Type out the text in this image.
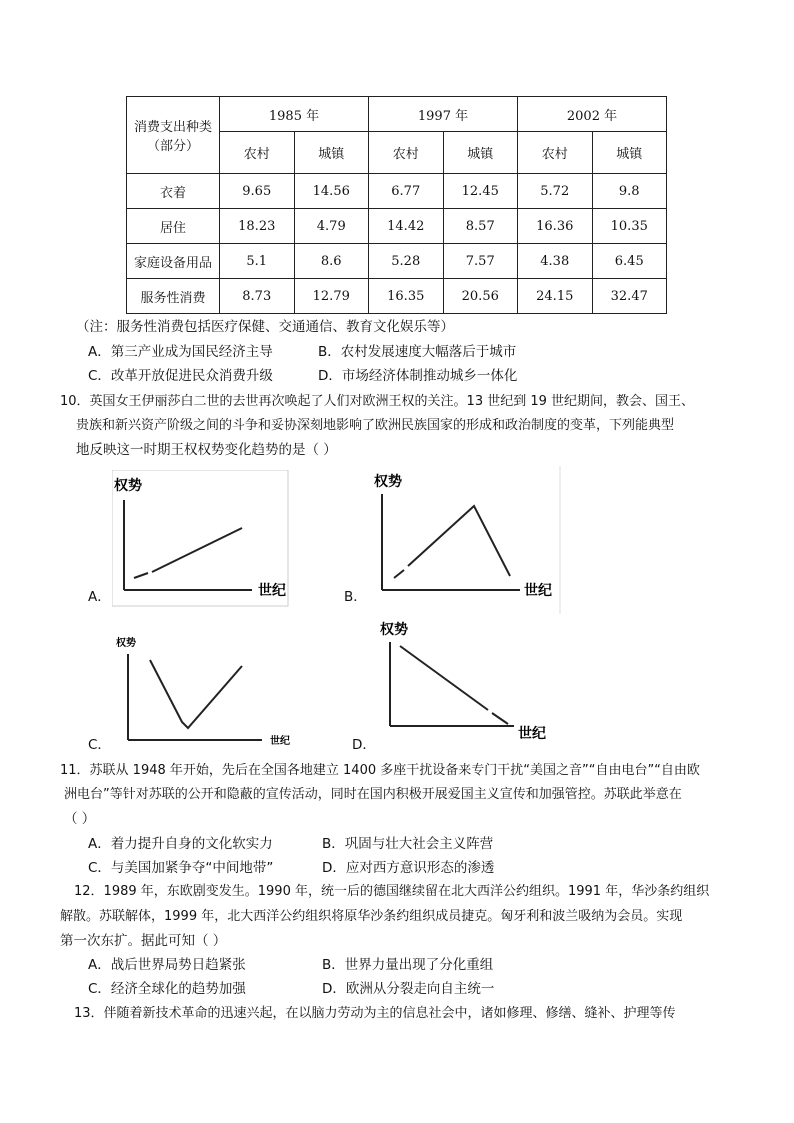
消费支出种类
（部分）	1985 年		1997 年		2002 年	
	农村	城镇	农村	城镇	农村	城镇
衣着	9.65	14.56	6.77	12.45	5.72	9.8
居住	18.23	4.79	14.42	8.57	16.36	10.35
家庭设备用品	5.1	8.6	5.28	7.57	4.38	6.45
服务性消费	8.73	12.79	16.35	20.56	24.15	32.47
（注：服务性消费包括医疗保健、交通通信、教育文化娱乐等）
A．第三产业成为国民经济主导	B．农村发展速度大幅落后于城市
C．改革开放促进民众消费升级	D．市场经济体制推动城乡一体化
10．英国女王伊丽莎白二世的去世再次唤起了人们对欧洲王权的关注。13 世纪到 19 世纪期间，教会、国王、
贵族和新兴资产阶级之间的斗争和妥协深刻地影响了欧洲民族国家的形成和政治制度的变革，下列能典型
地反映这一时期王权权势变化趋势的是（ ）
权势
世纪
A．
权势
世纪
B．
权势
世纪
C．
权势
世纪
D．
11．苏联从 1948 年开始，先后在全国各地建立 1400 多座干扰设备来专门干扰“美国之音”“自由电台”“自由欧
洲电台”等针对苏联的公开和隐蔽的宣传活动，同时在国内积极开展爱国主义宣传和加强管控。苏联此举意在
（ ）
A．着力提升自身的文化软实力	B．巩固与壮大社会主义阵营
C．与美国加紧争夺“中间地带”	D．应对西方意识形态的渗透
12．1989 年，东欧剧变发生。1990 年，统一后的德国继续留在北大西洋公约组织。1991 年，华沙条约组织
解散。苏联解体，1999 年，北大西洋公约组织将原华沙条约组织成员捷克。匈牙利和波兰吸纳为会员。实现
第一次东扩。据此可知（ ）
A．战后世界局势日趋紧张	B．世界力量出现了分化重组
C．经济全球化的趋势加强	D．欧洲从分裂走向自主统一
13．伴随着新技术革命的迅速兴起，在以脑力劳动为主的信息社会中，诸如修理、修缮、缝补、护理等传
